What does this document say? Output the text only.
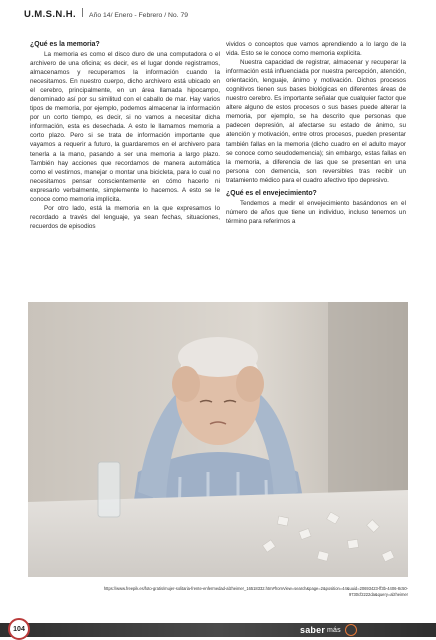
U.M.S.N.H. Año 14/ Enero - Febrero / No. 79
¿Qué es la memoria?

La memoria es como el disco duro de una computadora o el archivero de una oficina; es decir, es el lugar donde registramos, almacenamos y recuperamos la información cuando la necesitamos. En nuestro cuerpo, dicho archivero está ubicado en el cerebro, principalmente, en un área llamada hipocampo, denominado así por su similitud con el caballo de mar. Hay varios tipos de memoria, por ejemplo, podemos almacenar la información por un corto tiempo, es decir, si no vamos a necesitar dicha información, esta es desechada. A esto le llamamos memoria a corto plazo. Pero si se trata de información importante que vayamos a requerir a futuro, la guardaremos en el archivero para tenerla a la mano, pasando a ser una memoria a largo plazo. También hay acciones que recordamos de manera automática como el vestirnos, manejar o montar una bicicleta, para lo cual no necesitamos pensar conscientemente en cómo hacerlo ni expresarlo verbalmente, simplemente lo hacemos. A esto se le conoce como memoria implícita.

Por otro lado, está la memoria en la que expresamos lo recordado a través del lenguaje, ya sean fechas, situaciones, recuerdos de episodios

vividos o conceptos que vamos aprendiendo a lo largo de la vida. Esto se le conoce como memoria explícita.

Nuestra capacidad de registrar, almacenar y recuperar la información está influenciada por nuestra percepción, atención, orientación, lenguaje, ánimo y motivación. Dichos procesos cognitivos tienen sus bases biológicas en diferentes áreas de nuestro cerebro. Es importante señalar que cualquier factor que altere alguno de estos procesos o sus bases puede alterar la memoria, por ejemplo, se ha descrito que personas que padecen depresión, al afectarse su estado de ánimo, su atención y motivación, entre otros procesos, pueden presentar también fallas en la memoria (dicho cuadro en el adulto mayor se conoce como seudodemencia); sin embargo, estas fallas en la memoria, a diferencia de las que se presentan en una persona con demencia, son reversibles tras recibir un tratamiento médico para el cuadro afectivo tipo depresivo.

¿Qué es el envejecimiento?

Tendemos a medir el envejecimiento basándonos en el número de años que tiene un individuo, incluso tenemos un término para referirnos a

https://www.freepik.es/foto-gratis/mujer-solitaria-frente-enfermedad-alzheimer_16518332.htm#fromView=search&page=2&position=44&uuid=20693423-ff3b-4406-8c50-9730cf2222da&query=alzheimer
104	saber más
